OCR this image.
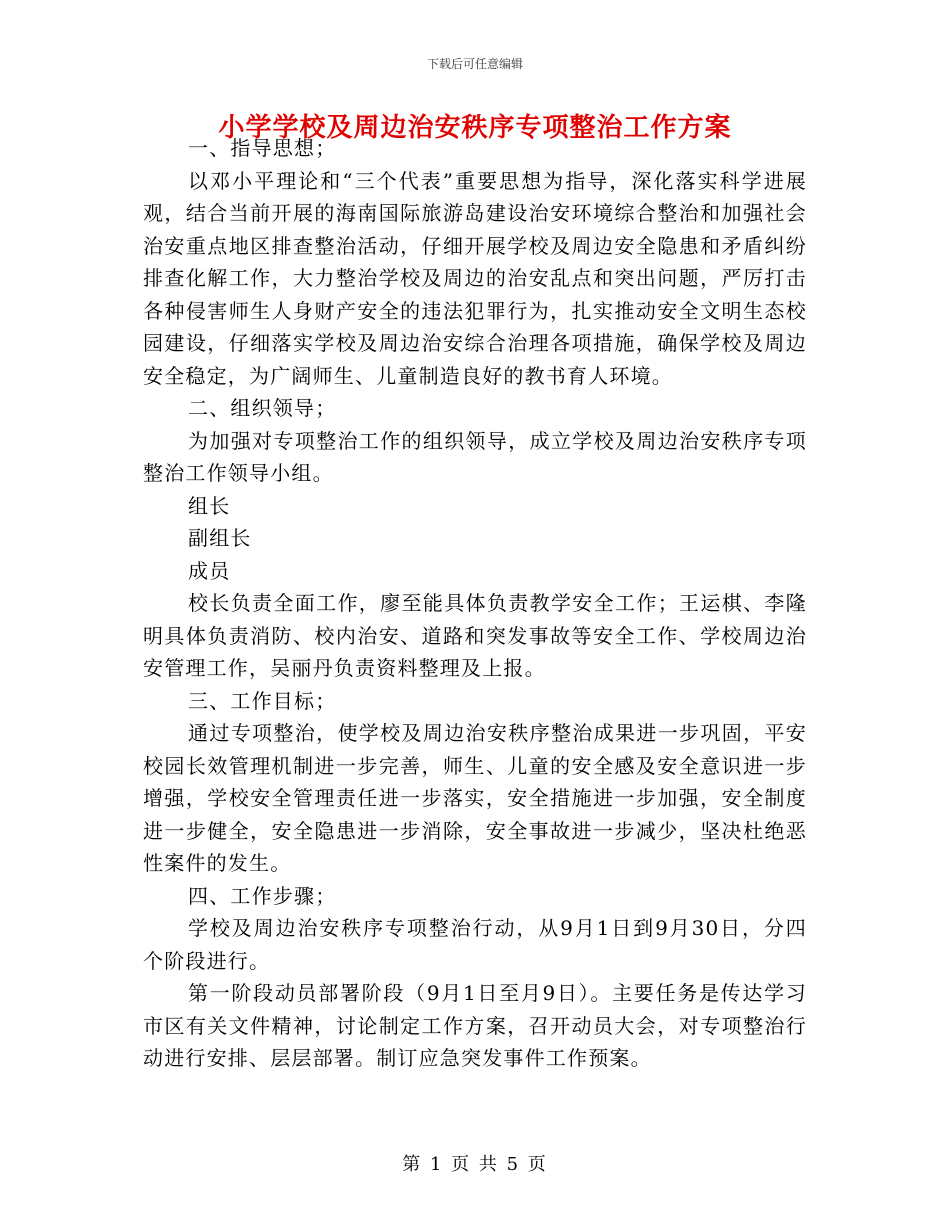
下载后可任意编辑
小学学校及周边治安秩序专项整治工作方案

一、指导思想；

以邓小平理论和“三个代表”重要思想为指导，深化落实科学进展观，结合当前开展的海南国际旅游岛建设治安环境综合整治和加强社会治安重点地区排查整治活动，仔细开展学校及周边安全隐患和矛盾纠纷排查化解工作，大力整治学校及周边的治安乱点和突出问题，严厉打击各种侵害师生人身财产安全的违法犯罪行为，扎实推动安全文明生态校园建设，仔细落实学校及周边治安综合治理各项措施，确保学校及周边安全稳定，为广阔师生、儿童制造良好的教书育人环境。

二、组织领导；

为加强对专项整治工作的组织领导，成立学校及周边治安秩序专项整治工作领导小组。

组长

副组长

成员

校长负责全面工作，廖至能具体负责教学安全工作；王运棋、李隆明具体负责消防、校内治安、道路和突发事故等安全工作、学校周边治安管理工作，吴丽丹负责资料整理及上报。

三、工作目标；

通过专项整治，使学校及周边治安秩序整治成果进一步巩固，平安校园长效管理机制进一步完善，师生、儿童的安全感及安全意识进一步增强，学校安全管理责任进一步落实，安全措施进一步加强，安全制度进一步健全，安全隐患进一步消除，安全事故进一步减少，坚决杜绝恶性案件的发生。

四、工作步骤；

学校及周边治安秩序专项整治行动，从9月1日到9月30日，分四个阶段进行。

第一阶段动员部署阶段（9月1日至月9日）。主要任务是传达学习市区有关文件精神，讨论制定工作方案，召开动员大会，对专项整治行动进行安排、层层部署。制订应急突发事件工作预案。

第 1 页 共 5 页
